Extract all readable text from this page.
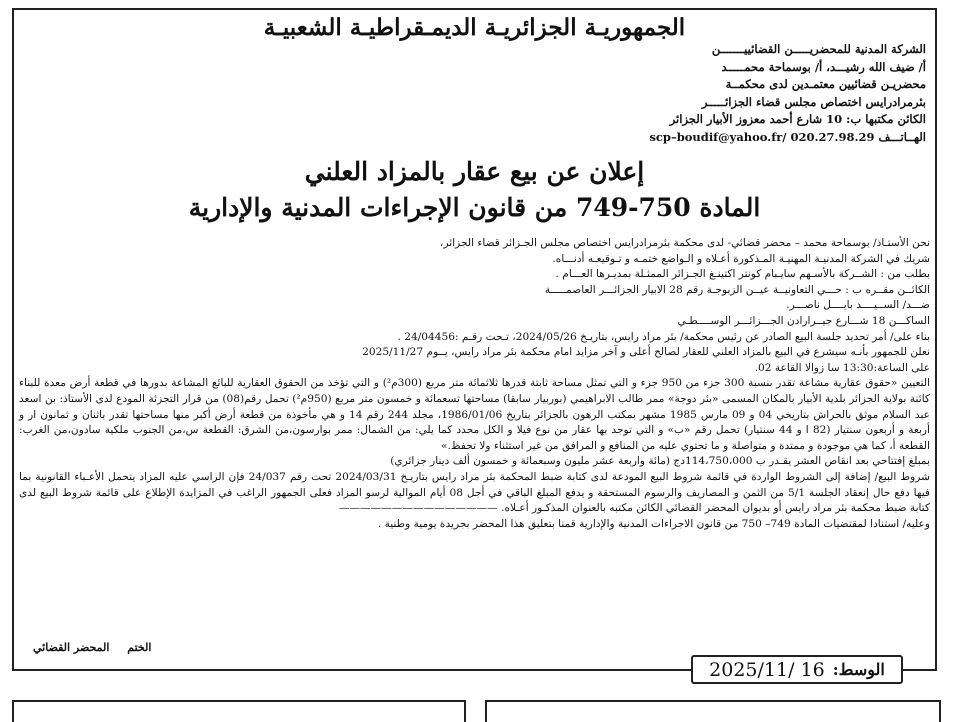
الجمهوريـة الجزائريـة الديمـقراطيـة الشعبيـة
الشركة المدنية للمحضريـــــن القضائييـــــــن
أ/ ضيف الله رشيـــد، أ/ بوسماحة محمـــــد
محضريـن قضائيين معتمـدين لدى محكمــة
بئرمرادرايس اختصاص مجلس قضاء الجزائـــــر
الكائن مكتبها ب: 10 شارع أحمد معزوز الأبيار الجزائر
الهــاتـــف scp–boudif@yahoo.fr/ 020.27.98.29
إعلان عن بيع عقار بالمزاد العلني
المادة 750-749 من قانون الإجراءات المدنية والإدارية

نحن الأستـاذ/ بوسماحة محمد – محضر قضائي- لدى محكمة بئرمرادرايس اختصاص مجلس الجـزائر قضاء الجزائر،

شريك في الشركة المدنيـة المهنيـة المـذكورة أعـلاه و الـواضع ختمـه و تـوقيعـه أدنـــاه.

بطلب من : الشــركة بالأسـهم سايـبام كونتر اكتينـغ الجـزائر الممثـلة بمديـرها العـــام .

الكائــن مقــره ب : حـــي التعاونيــة عيــن الزبوجـة رقم 28 الابيار الجزائـــر العاصمـــــة

ضـــد/ الســيــــد بايــــل ناصـــر.

الساكـــن 18 شـــارع جيــرارادن الجـــزائـــر الوســــطـي

بناء على/ أمر تحديد جلسة البيع الصادر عن رئيس محكمة/ بئر مراد رايس، بتاريـخ 2024/05/26، تـحت رقـم :24/04456 .

نعلن للجمهور بأنـه سيشرع في البيع بالمزاد العلني للعقار لصالح أعلى و آخر مزايد امام محكمة بئر مراد رايس، يــوم 2025/11/27

على الساعة:13:30 سا زوالا القاعة 02.

التعيين «حقوق عقارية مشاعة تقدر بنسبة 300 جزء من 950 جزء و التي تمثل مساحة ثابتة قدرها ثلاثمائة متر مربع (300م²) و التي تؤخذ من الحقوق العقارية للبائع المشاعة بدورها في قطعة أرض معدة للبناء كائنة بولاية الجزائر بلدية الأبيار بالمكان المسمى «بئر دوجة» ممر طالب الابراهيمي (بوربيار سابقا) مساحتها تسعمائة و خمسون متر مربع (950م²) تحمل رقم(08) من قرار التجزئة المودع لدى الأستاذ: بن اسعد عبد السلام موثق بالحراش بتاريخي 04 و 09 مارس 1985 مشهر بمكتب الرهون بالجزائر بتاريخ 1986/01/06، مجلد 244 رقم 14 و هي مأخوذة من قطعة أرض أكبر منها مساحتها تقدر باثنان و ثمانون ار و أربعة و أربعون سنتيار (82 ا و 44 سنتيار) تحمل رقم «ب» و التي توجد بها عقار من نوع فيلا و الكل محدد كما يلي: من الشمال: ممر بوارسون،من الشرق: القطعة س،من الجنوب ملكية سادون،من الغرب: القطعة أ، كما هي موجودة و ممتدة و متواصلة و ما تحتوي عليه من المنافع و المرافق من غير استثناء ولا تحفظ.»

بمبلغ إفتتاحي بعد انقاص العشر يقـدر ب 114،750،000دج (مائة واربعة عشر مليون وسبعمائة و خمسون ألف دينار جزائري)

شروط البيع/ إضافة إلى الشروط الواردة في قائمة شروط البيع المودعة لدى كتابة ضبط المحكمة بئر مراد رايس بتاريـخ 2024/03/31 تحت رقم 24/037 فإن الراسي عليه المزاد يتحمل الأعـباء القانونية بما فيها دفع حال إنعقاد الجلسة 5/1 من الثمن و المصاريف والرسوم المستحقة و يدفع المبلغ الباقي في أجل 08 أيام الموالية لرسو المزاد فعلى الجمهور الراغب في المزايدة الإطلاع على قائمة شروط البيع لدى كتابة ضبط محكمة بئر مراد رايس أو بديوان المحضر القضائي الكائن مكتبه بالعنوان المذكـور أعـلاه. ———————————————

وعليه/ استنادا لمقتضيات المادة 749– 750 من قانون الاجراءات المدنية والإدارية قمنا بتعليق هذا المحضر بجريدة يومية وطنية .

الختم المحضر القضائي
الوسط:
2025/11/ 16
